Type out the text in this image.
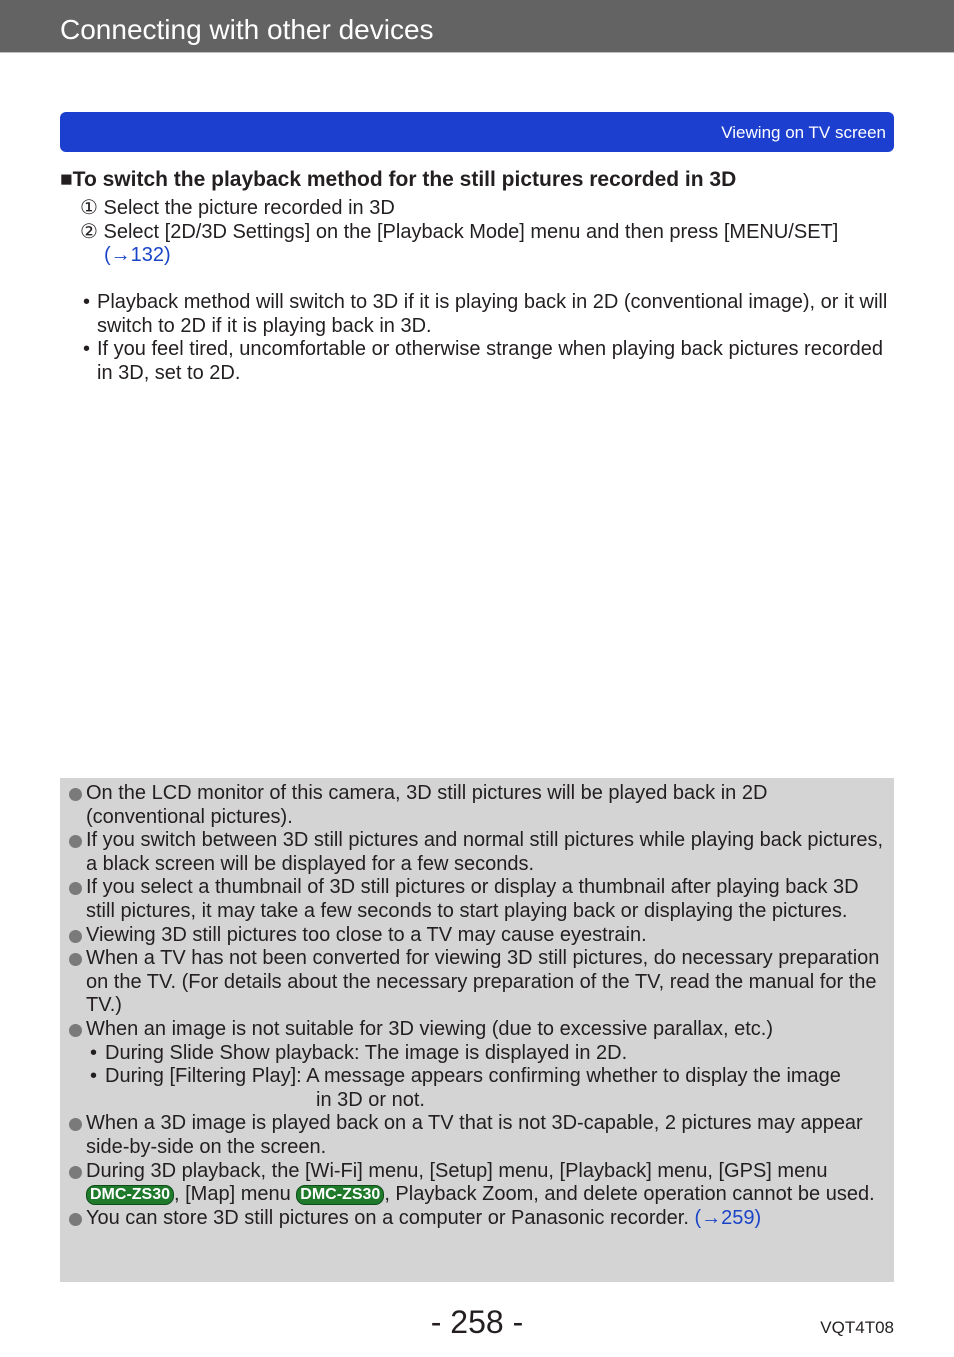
Connecting with other devices
Viewing on TV screen
■To switch the playback method for the still pictures recorded in 3D
① Select the picture recorded in 3D
② Select [2D/3D Settings] on the [Playback Mode] menu and then press [MENU/SET]
(→132)
• Playback method will switch to 3D if it is playing back in 2D (conventional image), or it will switch to 2D if it is playing back in 3D.
• If you feel tired, uncomfortable or otherwise strange when playing back pictures recorded in 3D, set to 2D.
On the LCD monitor of this camera, 3D still pictures will be played back in 2D (conventional pictures).
If you switch between 3D still pictures and normal still pictures while playing back pictures, a black screen will be displayed for a few seconds.
If you select a thumbnail of 3D still pictures or display a thumbnail after playing back 3D still pictures, it may take a few seconds to start playing back or displaying the pictures.
Viewing 3D still pictures too close to a TV may cause eyestrain.
When a TV has not been converted for viewing 3D still pictures, do necessary preparation on the TV. (For details about the necessary preparation of the TV, read the manual for the TV.)
When an image is not suitable for 3D viewing (due to excessive parallax, etc.)
• During Slide Show playback: The image is displayed in 2D.
• During [Filtering Play]: A message appears confirming whether to display the image
in 3D or not.
When a 3D image is played back on a TV that is not 3D-capable, 2 pictures may appear side-by-side on the screen.
During 3D playback, the [Wi-Fi] menu, [Setup] menu, [Playback] menu, [GPS] menu
DMC-ZS30 , [Map] menu DMC-ZS30 , Playback Zoom, and delete operation cannot be used.
You can store 3D still pictures on a computer or Panasonic recorder. (→259)
- 258 -	VQT4T08
